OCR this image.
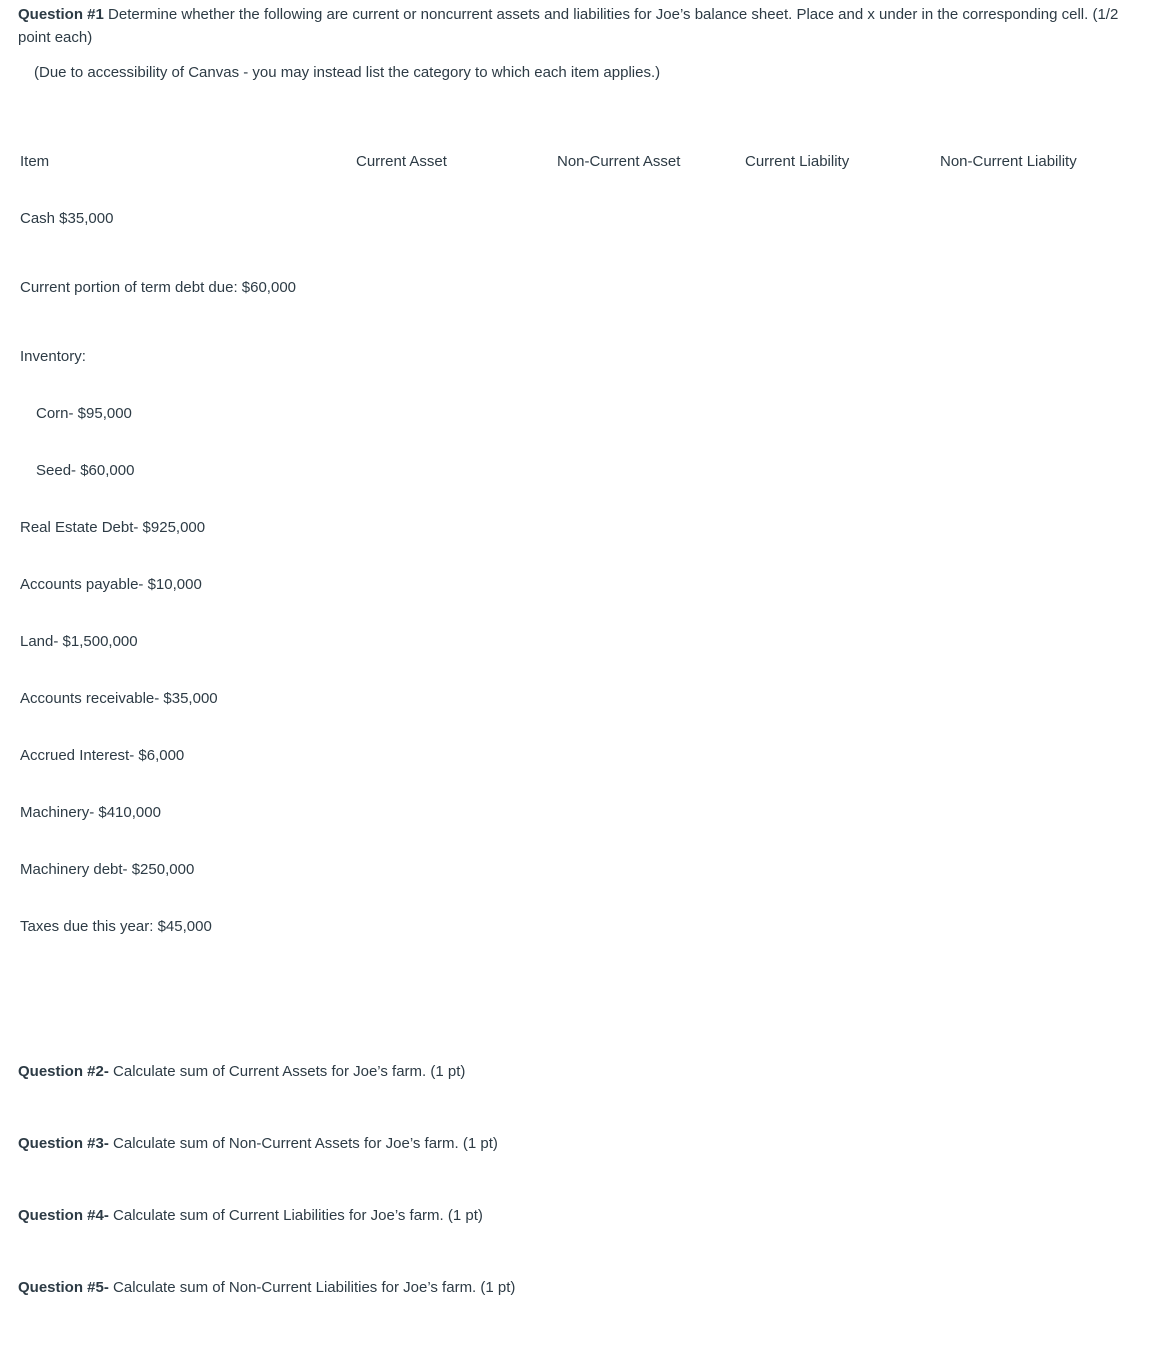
Question #1 Determine whether the following are current or noncurrent assets and liabilities for Joe’s balance sheet. Place and x under in the corresponding cell. (1/2 point each)
(Due to accessibility of Canvas - you may instead list the category to which each item applies.)
Item	Current Asset	Non-Current Asset	Current Liability	Non-Current Liability
Cash $35,000
Current portion of term debt due: $60,000
Inventory:
Corn- $95,000
Seed- $60,000
Real Estate Debt- $925,000
Accounts payable- $10,000
Land- $1,500,000
Accounts receivable- $35,000
Accrued Interest- $6,000
Machinery- $410,000
Machinery debt- $250,000
Taxes due this year: $45,000
Question #2- Calculate sum of Current Assets for Joe’s farm. (1 pt)
Question #3- Calculate sum of Non-Current Assets for Joe’s farm. (1 pt)
Question #4- Calculate sum of Current Liabilities for Joe’s farm. (1 pt)
Question #5- Calculate sum of Non-Current Liabilities for Joe’s farm. (1 pt)
